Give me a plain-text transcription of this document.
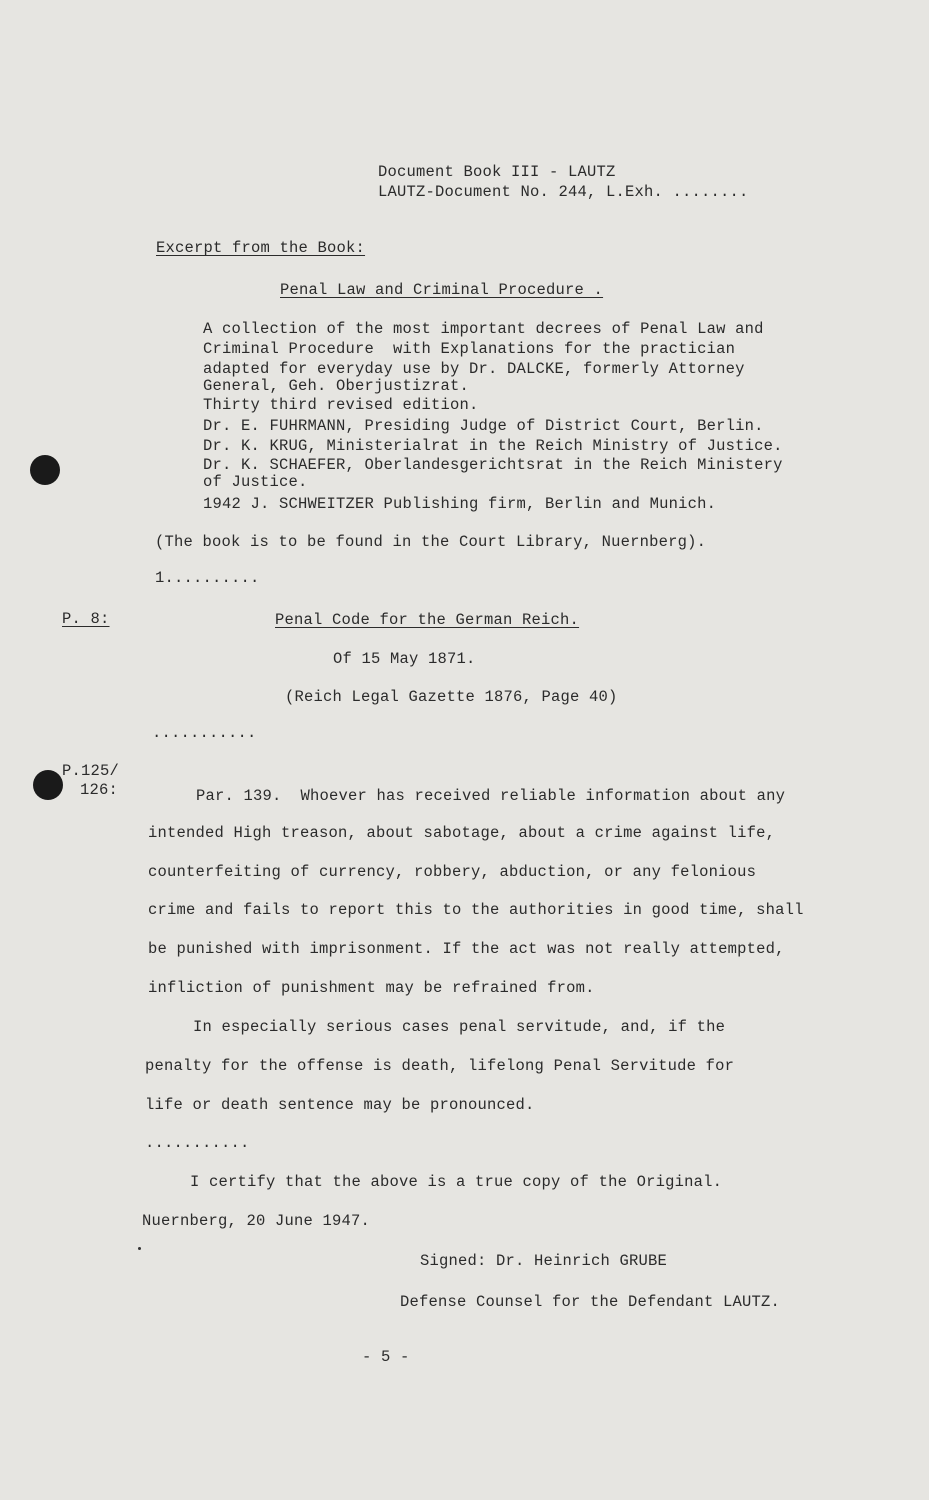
Document Book III - LAUTZ
LAUTZ-Document No. 244, L.Exh. ........
Excerpt from the Book:
Penal Law and Criminal Procedure .
A collection of the most important decrees of Penal Law and
Criminal Procedure  with Explanations for the practician
adapted for everyday use by Dr. DALCKE, formerly Attorney
General, Geh. Oberjustizrat.
Thirty third revised edition.
Dr. E. FUHRMANN, Presiding Judge of District Court, Berlin.
Dr. K. KRUG, Ministerialrat in the Reich Ministry of Justice.
Dr. K. SCHAEFER, Oberlandesgerichtsrat in the Reich Ministery
of Justice.
1942 J. SCHWEITZER Publishing firm, Berlin and Munich.
(The book is to be found in the Court Library, Nuernberg).
1..........
P. 8:	Penal Code for the German Reich.
Of 15 May 1871.
(Reich Legal Gazette 1876, Page 40)
...........
P.125/
126:	Par. 139.  Whoever has received reliable information about any
intended High treason, about sabotage, about a crime against life,
counterfeiting of currency, robbery, abduction, or any felonious
crime and fails to report this to the authorities in good time, shall
be punished with imprisonment. If the act was not really attempted,
infliction of punishment may be refrained from.
In especially serious cases penal servitude, and, if the
penalty for the offense is death, lifelong Penal Servitude for
life or death sentence may be pronounced.
...........
I certify that the above is a true copy of the Original.
Nuernberg, 20 June 1947.
Signed: Dr. Heinrich GRUBE
Defense Counsel for the Defendant LAUTZ.
- 5 -
